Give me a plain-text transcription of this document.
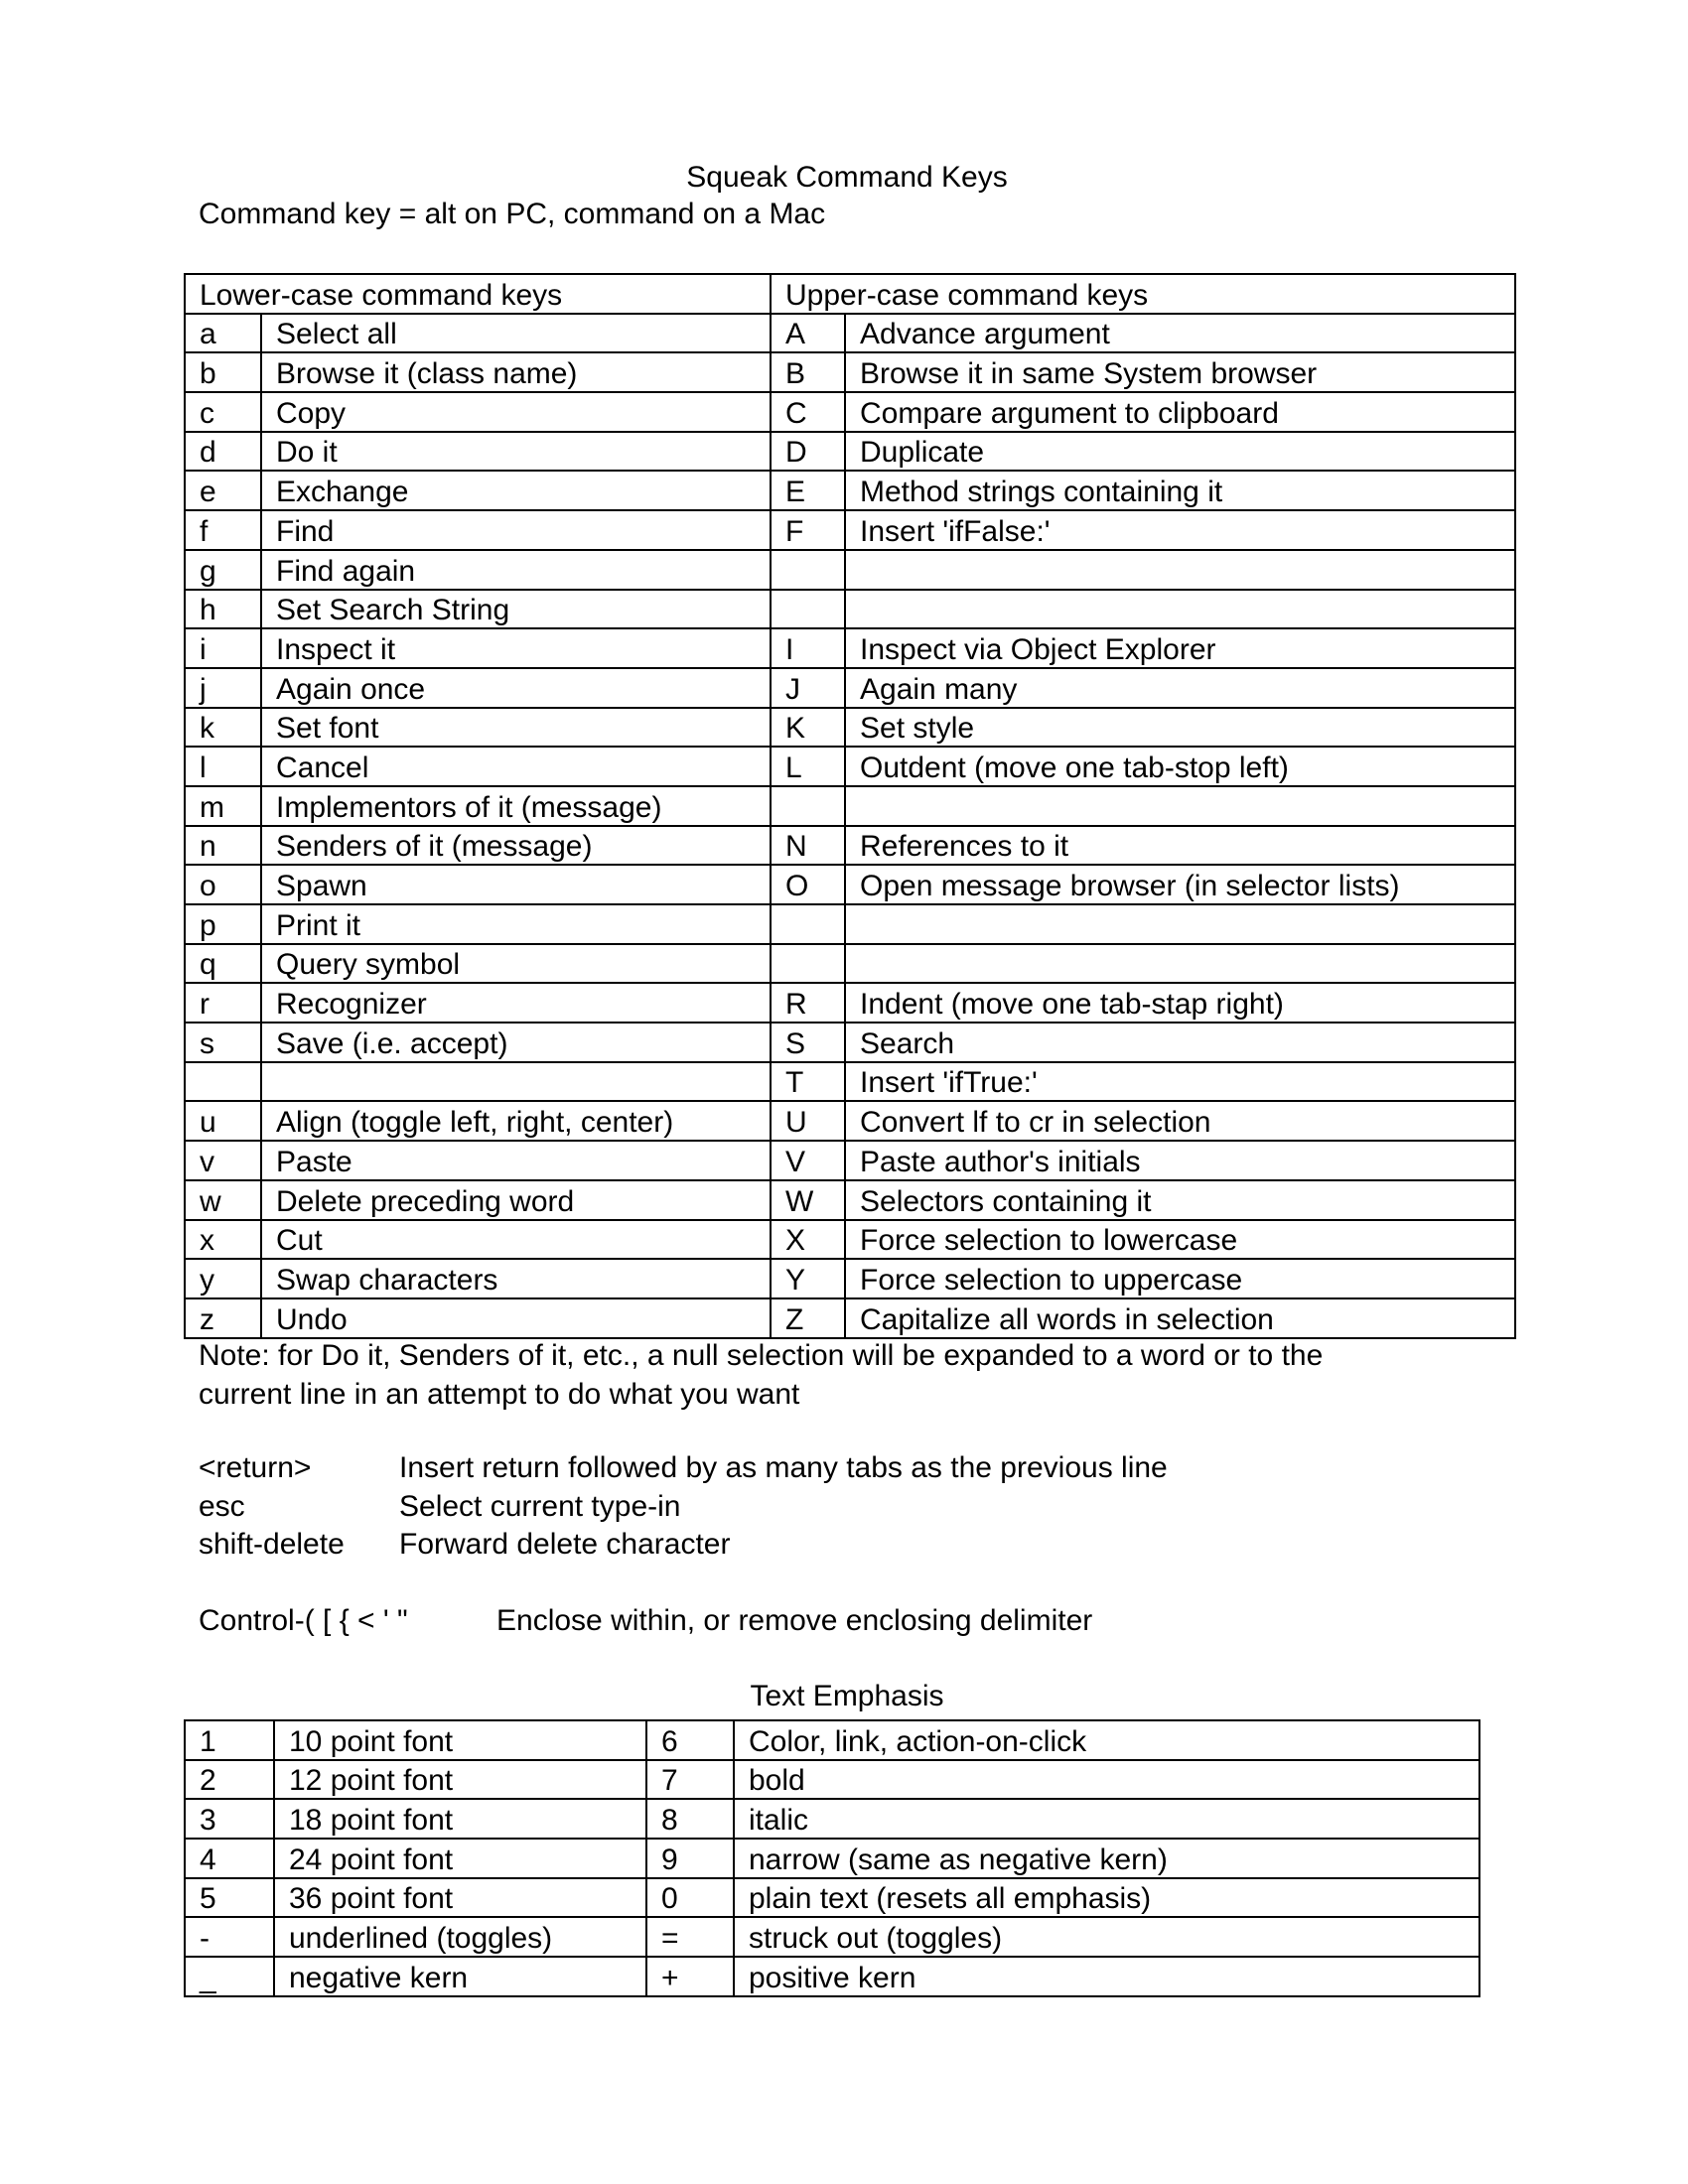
Squeak Command Keys
Command key = alt on PC, command on a Mac
Lower-case command keys		Upper-case command keys	
a	Select all	A	Advance argument
b	Browse it (class name)	B	Browse it in same System browser
c	Copy	C	Compare argument to clipboard
d	Do it	D	Duplicate
e	Exchange	E	Method strings containing it
f	Find	F	Insert 'ifFalse:'
g	Find again		
h	Set Search String		
i	Inspect it	I	Inspect via Object Explorer
j	Again once	J	Again many
k	Set font	K	Set style
l	Cancel	L	Outdent (move one tab-stop left)
m	Implementors of it (message)		
n	Senders of it (message)	N	References to it
o	Spawn	O	Open message browser (in selector lists)
p	Print it		
q	Query symbol		
r	Recognizer	R	Indent (move one tab-stap right)
s	Save (i.e. accept)	S	Search
		T	Insert 'ifTrue:'
u	Align (toggle left, right, center)	U	Convert lf to cr in selection
v	Paste	V	Paste author's initials
w	Delete preceding word	W	Selectors containing it
x	Cut	X	Force selection to lowercase
y	Swap characters	Y	Force selection to uppercase
z	Undo	Z	Capitalize all words in selection
Note: for Do it, Senders of it, etc., a null selection will be expanded to a word or to the
current line in an attempt to do what you want
<return>	Insert return followed by as many tabs as the previous line
esc	Select current type-in
shift-delete Forward delete character
Control-( [ { < ' "	Enclose within, or remove enclosing delimiter
Text Emphasis
1	10 point font	6	Color, link, action-on-click
2	12 point font	7	bold
3	18 point font	8	italic
4	24 point font	9	narrow (same as negative kern)
5	36 point font	0	plain text (resets all emphasis)
-	underlined (toggles)	=	struck out (toggles)
_	negative kern	+	positive kern
